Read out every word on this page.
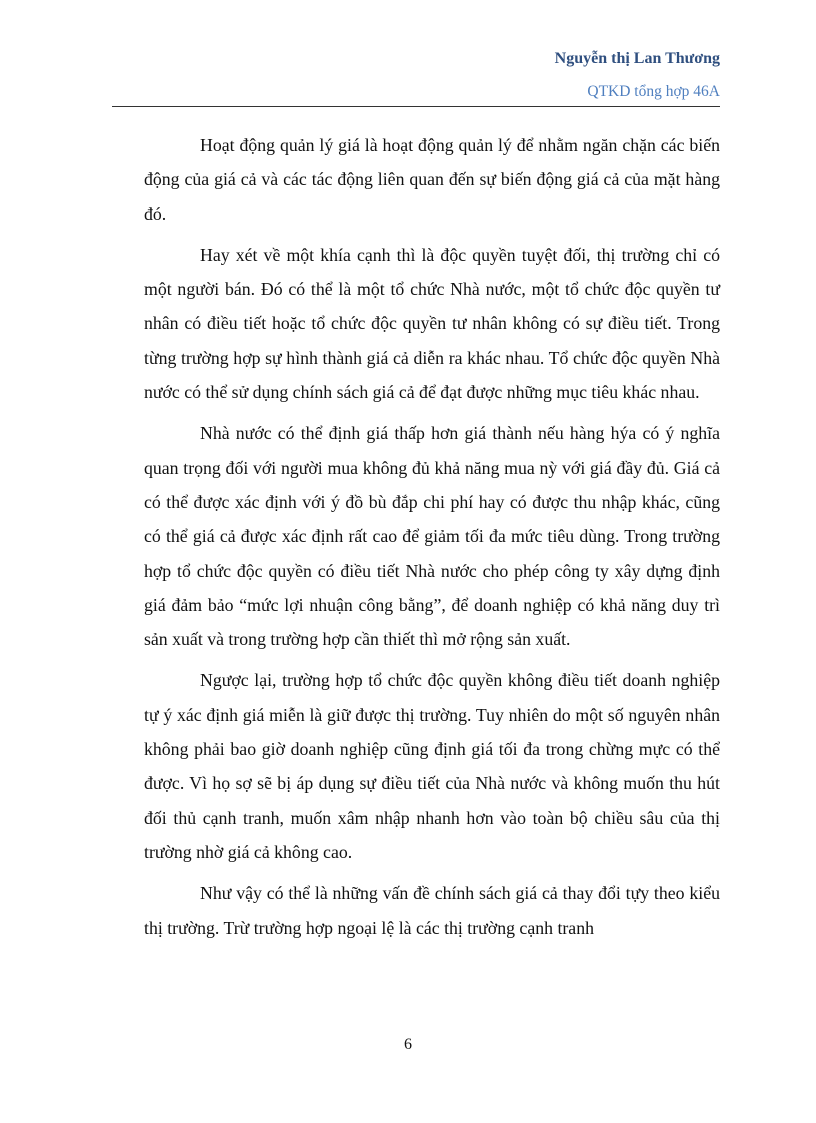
Nguyễn thị Lan Thương
QTKD tổng hợp 46A

Hoạt động quản lý giá là hoạt động quản lý để nhằm ngăn chặn các biến động của giá cả và các tác động liên quan đến sự biến động giá cả của mặt hàng đó.

Hay xét về một khía cạnh thì là độc quyền tuyệt đối, thị trường chỉ có một người bán. Đó có thể là một tổ chức Nhà nước, một tổ chức độc quyền tư nhân có điều tiết hoặc tổ chức độc quyền tư nhân không có sự điều tiết. Trong từng trường hợp sự hình thành giá cả diễn ra khác nhau. Tổ chức độc quyền Nhà nước có thể sử dụng chính sách giá cả để đạt được những mục tiêu khác nhau.

Nhà nước có thể định giá thấp hơn giá thành nếu hàng hýa có ý nghĩa quan trọng đối với người mua không đủ khả năng mua nỳ với giá đầy đủ. Giá cả có thể được xác định với ý đồ bù đắp chi phí hay có được thu nhập khác, cũng có thể giá cả được xác định rất cao để giảm tối đa mức tiêu dùng. Trong trường hợp tổ chức độc quyền có điều tiết Nhà nước cho phép công ty xây dựng định giá đảm bảo “mức lợi nhuận công bằng”, để doanh nghiệp có khả năng duy trì sản xuất và trong trường hợp cần thiết thì mở rộng sản xuất.

Ngược lại, trường hợp tổ chức độc quyền không điều tiết doanh nghiệp tự ý xác định giá miễn là giữ được thị trường. Tuy nhiên do một số nguyên nhân không phải bao giờ doanh nghiệp cũng định giá tối đa trong chừng mực có thể được. Vì họ sợ sẽ bị áp dụng sự điều tiết của Nhà nước và không muốn thu hút đối thủ cạnh tranh, muốn xâm nhập nhanh hơn vào toàn bộ chiều sâu của thị trường nhờ giá cả không cao.

Như vậy có thể là những vấn đề chính sách giá cả thay đổi tựy theo kiểu thị trường. Trừ trường hợp ngoại lệ là các thị trường cạnh tranh

6
